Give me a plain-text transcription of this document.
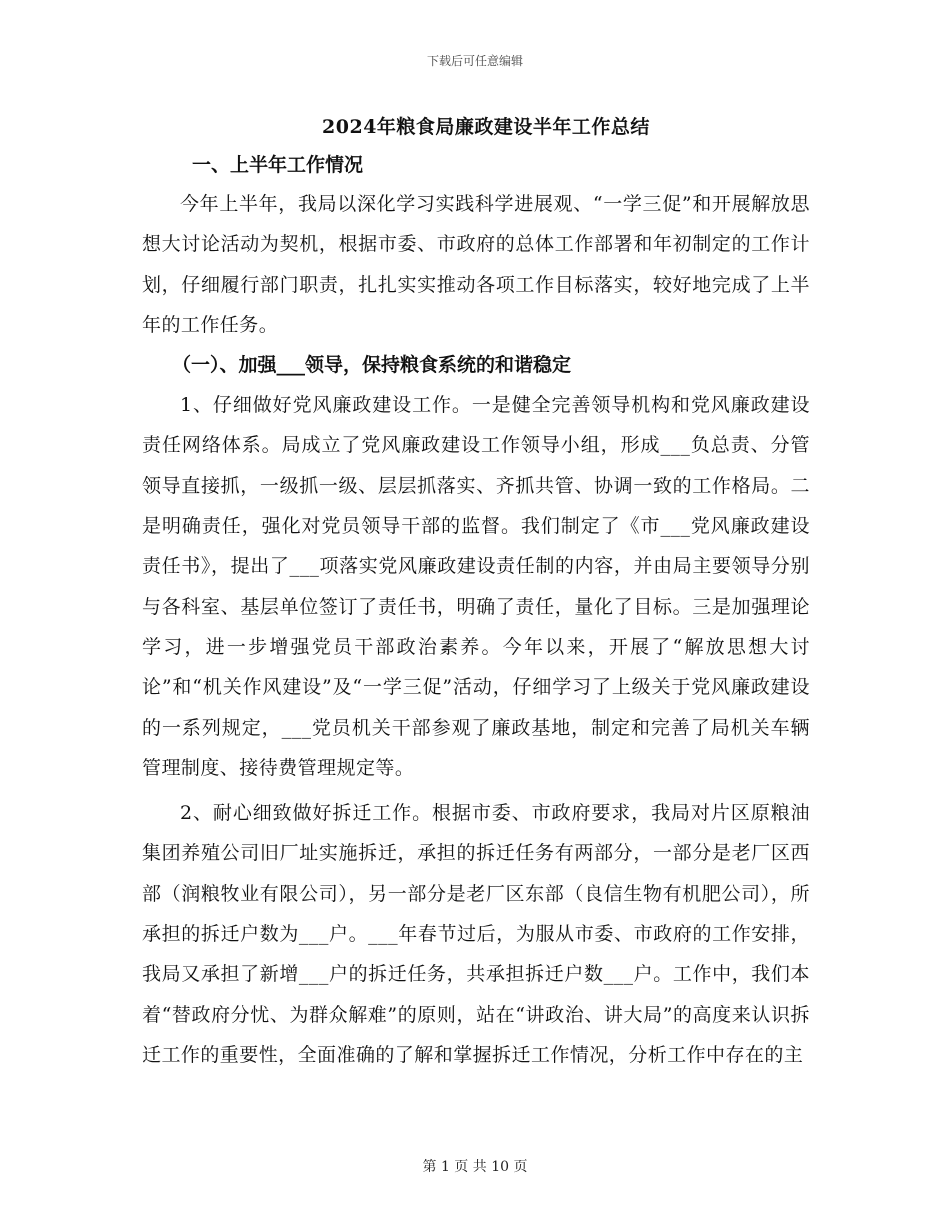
下载后可任意编辑
2024年粮食局廉政建设半年工作总结
一、上半年工作情况

今年上半年，我局以深化学习实践科学进展观、“一学三促”和开展解放思想大讨论活动为契机，根据市委、市政府的总体工作部署和年初制定的工作计划，仔细履行部门职责，扎扎实实推动各项工作目标落实，较好地完成了上半年的工作任务。

（一）、加强___领导，保持粮食系统的和谐稳定

1、仔细做好党风廉政建设工作。一是健全完善领导机构和党风廉政建设责任网络体系。局成立了党风廉政建设工作领导小组，形成___负总责、分管领导直接抓，一级抓一级、层层抓落实、齐抓共管、协调一致的工作格局。二是明确责任，强化对党员领导干部的监督。我们制定了《市___党风廉政建设责任书》，提出了___项落实党风廉政建设责任制的内容，并由局主要领导分别与各科室、基层单位签订了责任书，明确了责任，量化了目标。三是加强理论学习，进一步增强党员干部政治素养。今年以来，开展了“解放思想大讨论”和“机关作风建设”及“一学三促”活动，仔细学习了上级关于党风廉政建设的一系列规定，___党员机关干部参观了廉政基地，制定和完善了局机关车辆管理制度、接待费管理规定等。

2、耐心细致做好拆迁工作。根据市委、市政府要求，我局对片区原粮油集团养殖公司旧厂址实施拆迁，承担的拆迁任务有两部分，一部分是老厂区西部（润粮牧业有限公司），另一部分是老厂区东部（良信生物有机肥公司），所承担的拆迁户数为___户。___年春节过后，为服从市委、市政府的工作安排，我局又承担了新增___户的拆迁任务，共承担拆迁户数___户。工作中，我们本着“替政府分忧、为群众解难”的原则，站在“讲政治、讲大局”的高度来认识拆迁工作的重要性，全面准确的了解和掌握拆迁工作情况，分析工作中存在的主

第 1 页 共 10 页
